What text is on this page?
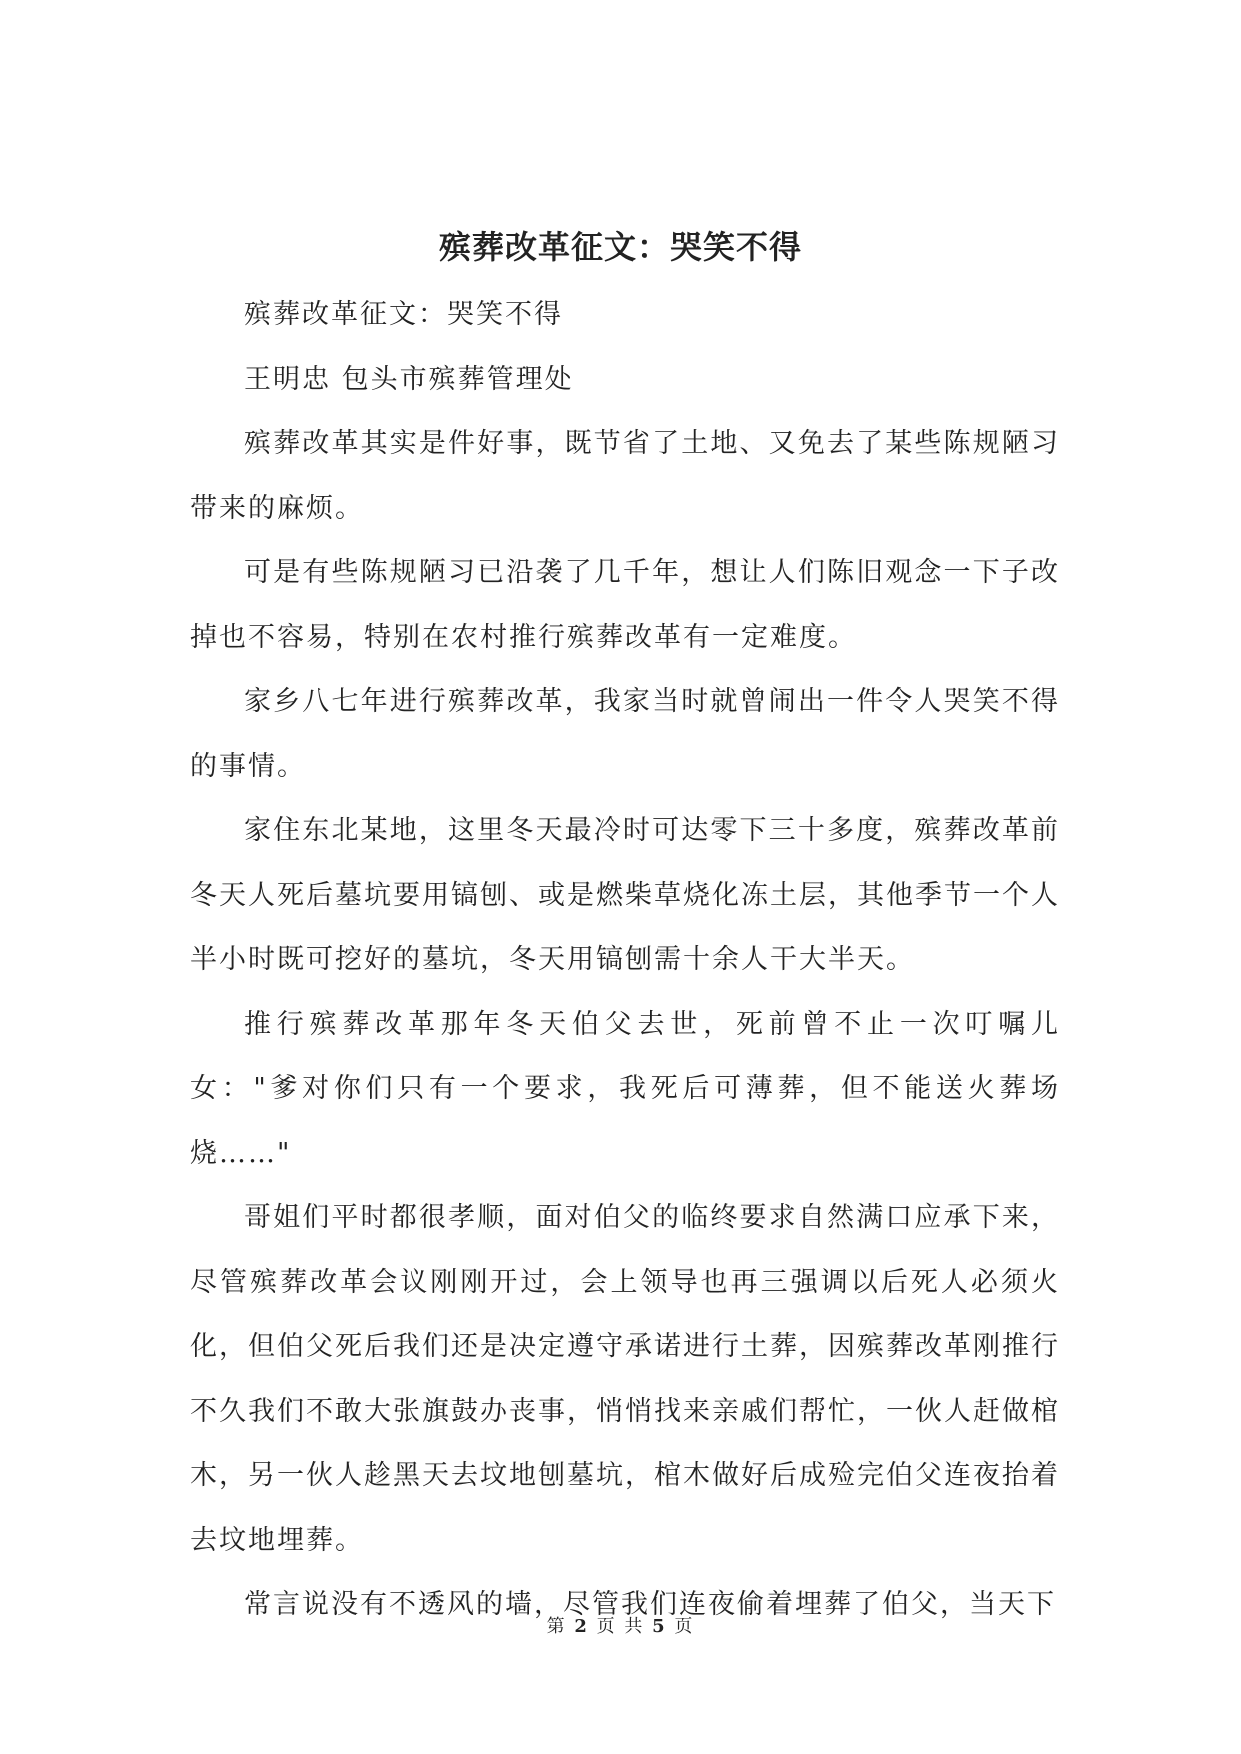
殡葬改革征文：哭笑不得

殡葬改革征文：哭笑不得

王明忠 包头市殡葬管理处

殡葬改革其实是件好事，既节省了土地、又免去了某些陈规陋习带来的麻烦。

可是有些陈规陋习已沿袭了几千年，想让人们陈旧观念一下子改掉也不容易，特别在农村推行殡葬改革有一定难度。

家乡八七年进行殡葬改革，我家当时就曾闹出一件令人哭笑不得的事情。

家住东北某地，这里冬天最冷时可达零下三十多度，殡葬改革前冬天人死后墓坑要用镐刨、或是燃柴草烧化冻土层，其他季节一个人半小时既可挖好的墓坑，冬天用镐刨需十余人干大半天。

推行殡葬改革那年冬天伯父去世，死前曾不止一次叮嘱儿女："爹对你们只有一个要求，我死后可薄葬，但不能送火葬场烧……"

哥姐们平时都很孝顺，面对伯父的临终要求自然满口应承下来，尽管殡葬改革会议刚刚开过，会上领导也再三强调以后死人必须火化，但伯父死后我们还是决定遵守承诺进行土葬，因殡葬改革刚推行不久我们不敢大张旗鼓办丧事，悄悄找来亲戚们帮忙，一伙人赶做棺木，另一伙人趁黑天去坟地刨墓坑，棺木做好后成殓完伯父连夜抬着去坟地埋葬。

常言说没有不透风的墙，尽管我们连夜偷着埋葬了伯父，当天下

第 2 页 共 5 页
